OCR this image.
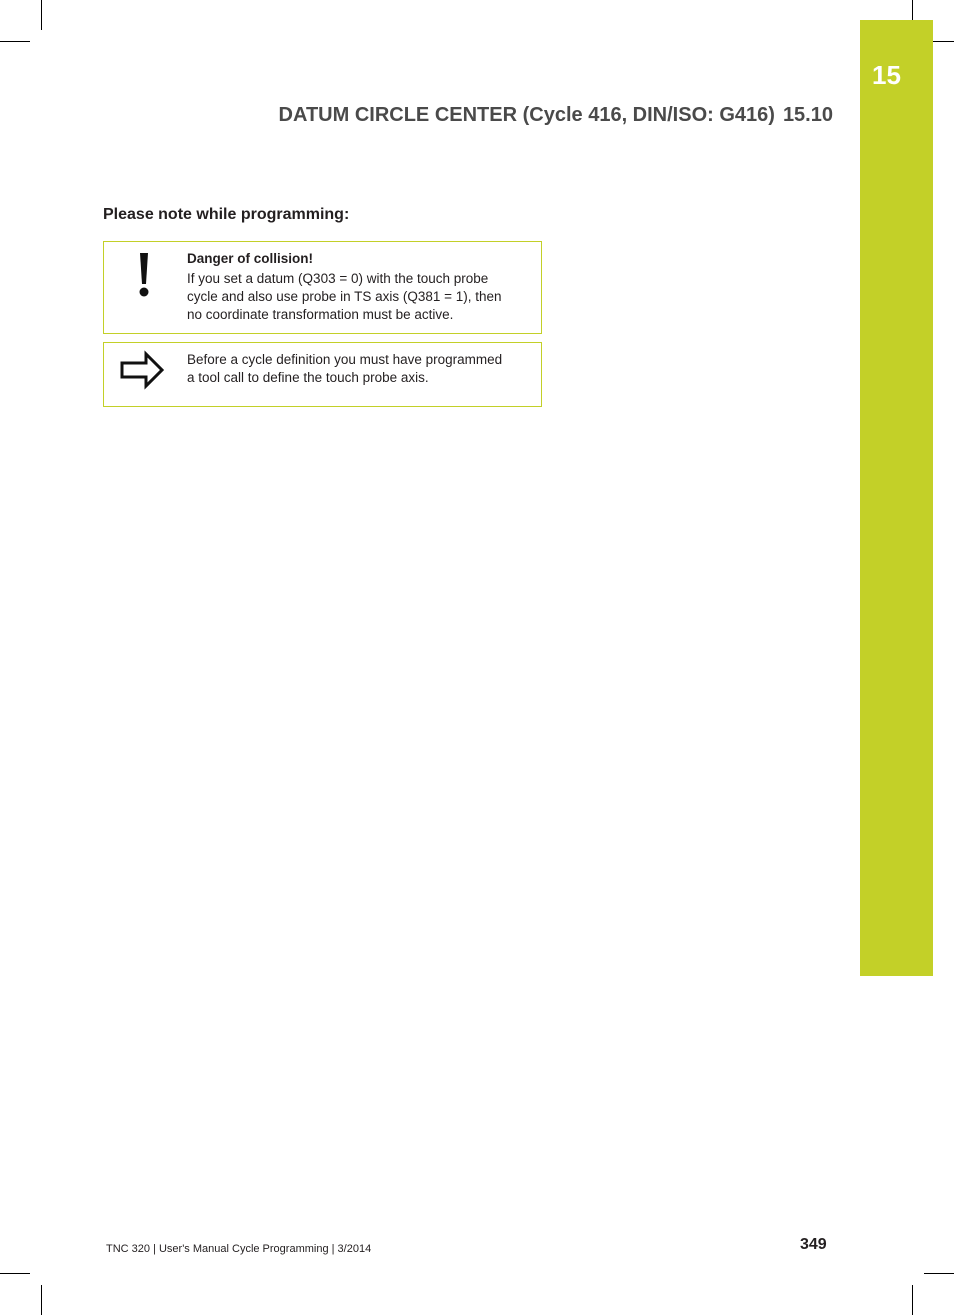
15
DATUM CIRCLE CENTER (Cycle 416, DIN/ISO: G416) 15.10
Please note while programming:
Danger of collision!
If you set a datum (Q303 = 0) with the touch probe
cycle and also use probe in TS axis (Q381 = 1), then
no coordinate transformation must be active.
Before a cycle definition you must have programmed
a tool call to define the touch probe axis.
TNC 320 | User's Manual Cycle Programming | 3/2014	349
